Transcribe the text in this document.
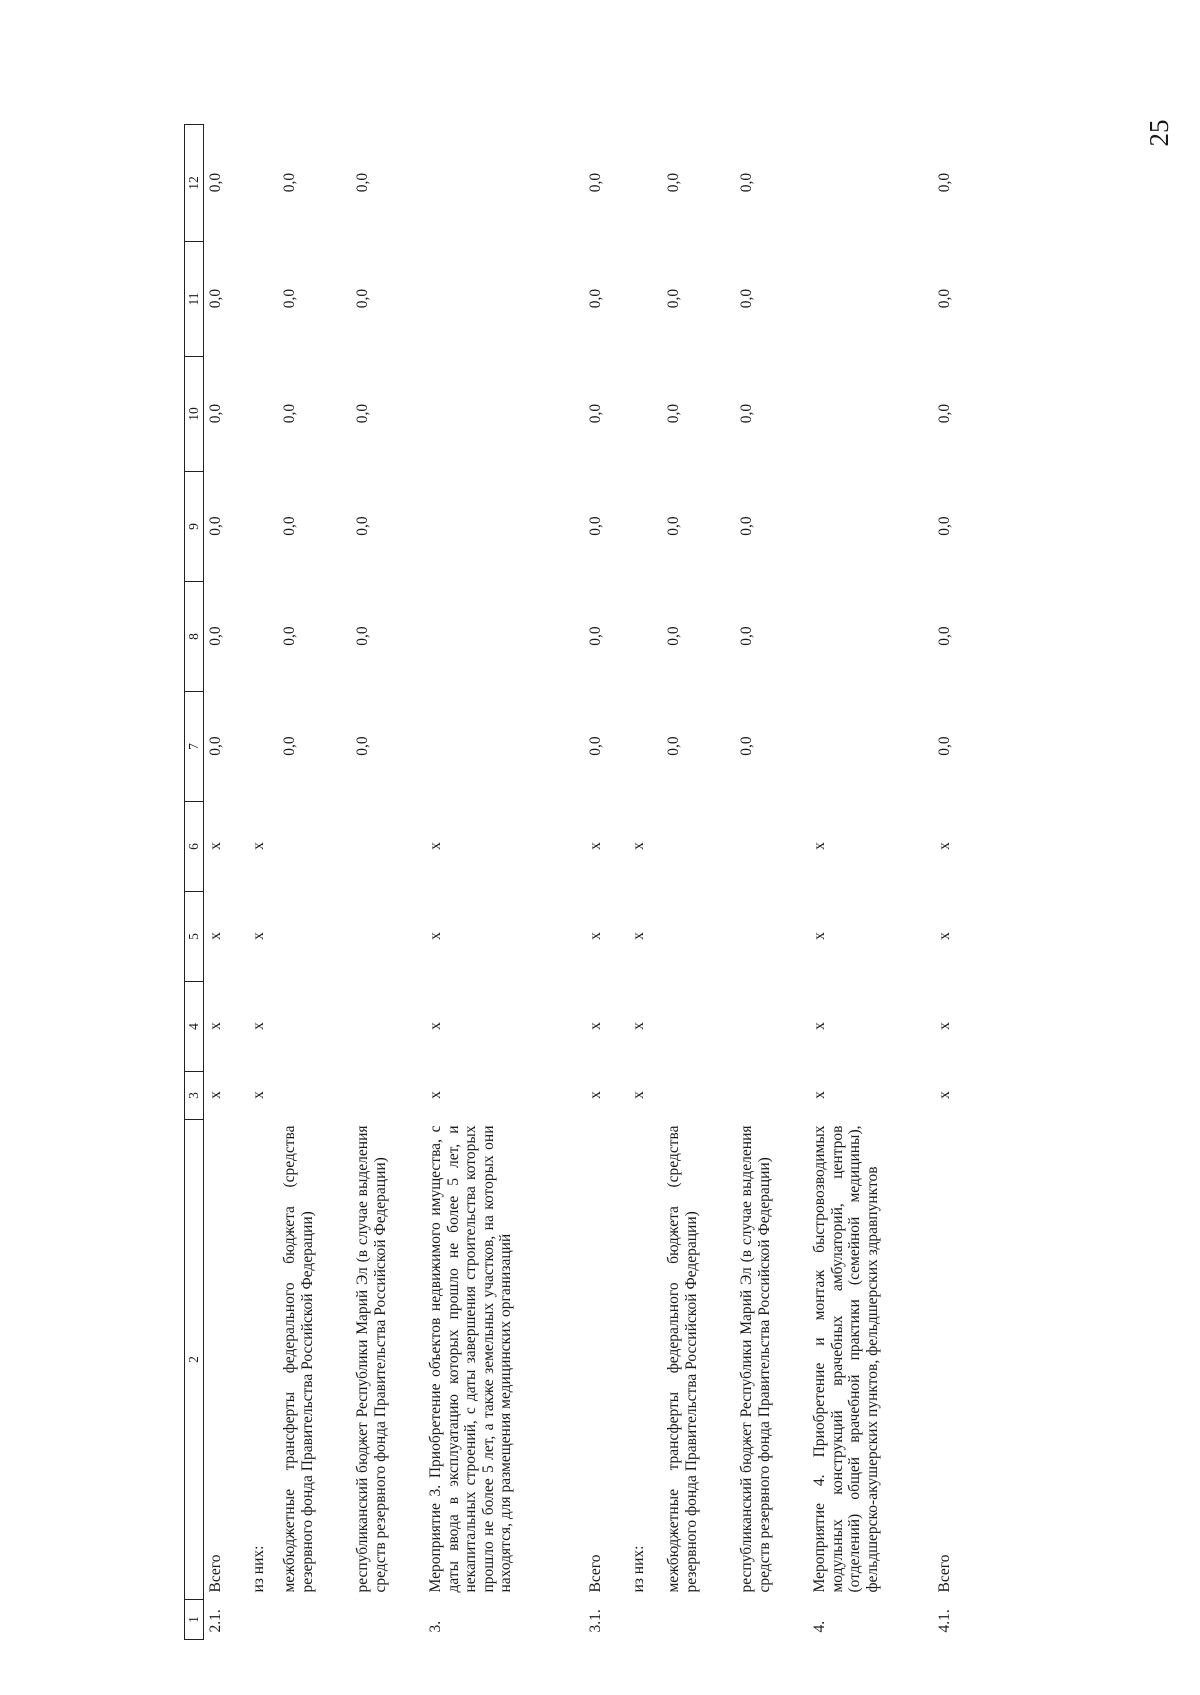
25
1	2	3	4	5	6	7	8	9	10	11	12
2.1.	Всего	x	x	x	x	0,0	0,0	0,0	0,0	0,0	0,0
	из них:	x	x	x	x						
	межбюджетные трансферты федерального бюджета (средства резервного фонда Правительства Российской Федерации)					0,0	0,0	0,0	0,0	0,0	0,0
	республиканский бюджет Республики Марий Эл (в случае выделения средств резервного фонда Правительства Российской Федерации)					0,0	0,0	0,0	0,0	0,0	0,0
3.	Мероприятие 3. Приобретение объектов недвижимого имущества, с даты ввода в эксплуатацию которых прошло не более 5 лет, и некапитальных строений, с даты завершения строительства которых прошло не более 5 лет, а также земельных участков, на которых они находятся, для размещения медицинских организаций	x	x	x	x						
3.1.	Всего	x	x	x	x	0,0	0,0	0,0	0,0	0,0	0,0
	из них:	x	x	x	x						
	межбюджетные трансферты федерального бюджета (средства резервного фонда Правительства Российской Федерации)					0,0	0,0	0,0	0,0	0,0	0,0
	республиканский бюджет Республики Марий Эл (в случае выделения средств резервного фонда Правительства Российской Федерации)					0,0	0,0	0,0	0,0	0,0	0,0
4.	Мероприятие 4. Приобретение и монтаж быстровозводимых модульных конструкций врачебных амбулаторий, центров (отделений) общей врачебной практики (семейной медицины), фельдшерско-акушерских пунктов, фельдшерских здравпунктов	x	x	x	x						
4.1.	Всего	x	x	x	x	0,0	0,0	0,0	0,0	0,0	0,0
